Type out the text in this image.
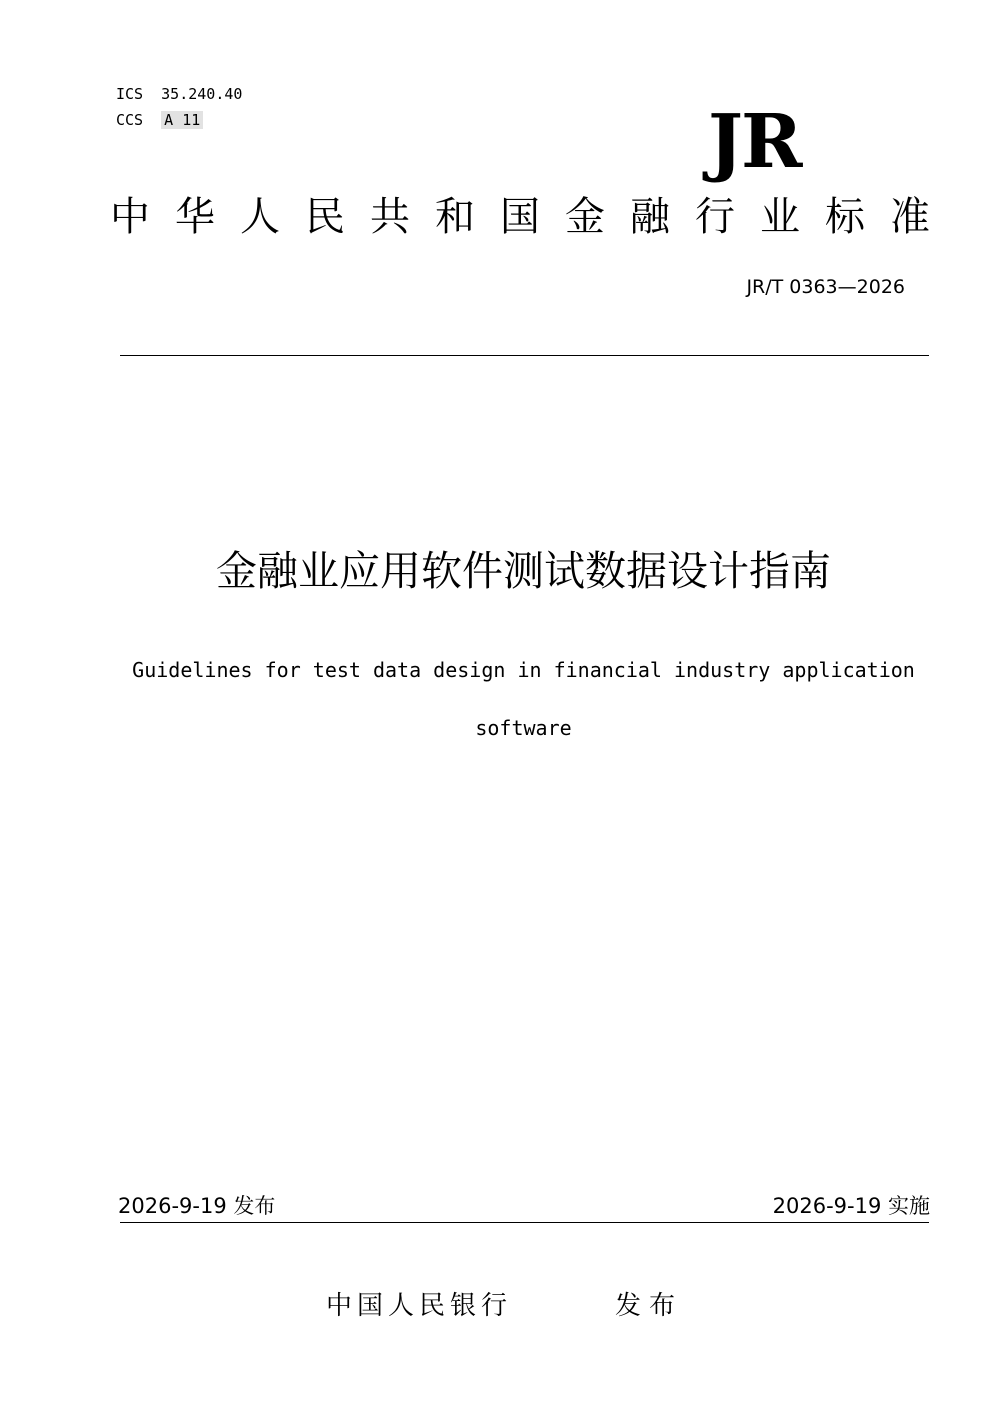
ICS 35.240.40
CCS A 11	JR
中 华 人 民 共 和 国 金 融 行 业 标 准
JR/T 0363—2026
金融业应用软件测试数据设计指南
Guidelines for test data design in financial industry application
software
2026-9-19 发布	2026-9-19 实施
中国人民银行	发布
